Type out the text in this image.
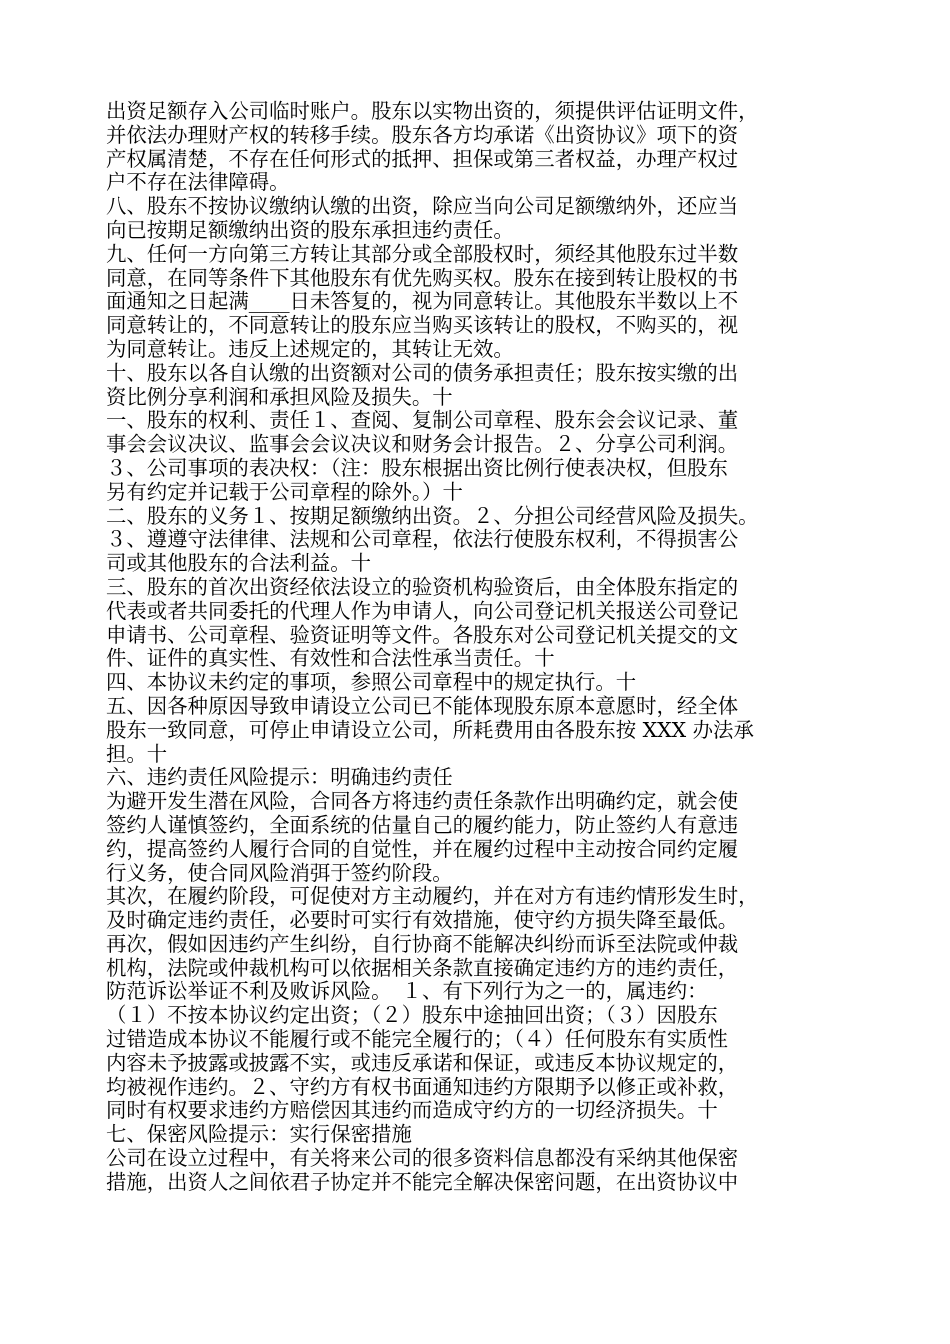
出资足额存入公司临时账户。股东以实物出资的，须提供评估证明文件，
并依法办理财产权的转移手续。股东各方均承诺《出资协议》项下的资
产权属清楚，不存在任何形式的抵押、担保或第三者权益，办理产权过
户不存在法律障碍。
八、股东不按协议缴纳认缴的出资，除应当向公司足额缴纳外，还应当
向已按期足额缴纳出资的股东承担违约责任。
九、任何一方向第三方转让其部分或全部股权时，须经其他股东过半数
同意，在同等条件下其他股东有优先购买权。股东在接到转让股权的书
面通知之日起满____日未答复的，视为同意转让。其他股东半数以上不
同意转让的，不同意转让的股东应当购买该转让的股权，不购买的，视
为同意转让。违反上述规定的，其转让无效。
十、股东以各自认缴的出资额对公司的债务承担责任；股东按实缴的出
资比例分享利润和承担风险及损失。十
一、股东的权利、责任１、查阅、复制公司章程、股东会会议记录、董
事会会议决议、监事会会议决议和财务会计报告。２、分享公司利润。
３、公司事项的表决权：（注：股东根据出资比例行使表决权，但股东
另有约定并记载于公司章程的除外。）十
二、股东的义务１、按期足额缴纳出资。２、分担公司经营风险及损失。
３、遵遵守法律律、法规和公司章程，依法行使股东权利，不得损害公
司或其他股东的合法利益。十
三、股东的首次出资经依法设立的验资机构验资后，由全体股东指定的
代表或者共同委托的代理人作为申请人，向公司登记机关报送公司登记
申请书、公司章程、验资证明等文件。各股东对公司登记机关提交的文
件、证件的真实性、有效性和合法性承当责任。十
四、本协议未约定的事项，参照公司章程中的规定执行。十
五、因各种原因导致申请设立公司已不能体现股东原本意愿时，经全体
股东一致同意，可停止申请设立公司，所耗费用由各股东按 XXX 办法承
担。十
六、违约责任风险提示：明确违约责任
为避开发生潜在风险，合同各方将违约责任条款作出明确约定，就会使
签约人谨慎签约，全面系统的估量自己的履约能力，防止签约人有意违
约，提高签约人履行合同的自觉性，并在履约过程中主动按合同约定履
行义务，使合同风险消弭于签约阶段。
其次，在履约阶段，可促使对方主动履约，并在对方有违约情形发生时，
及时确定违约责任，必要时可实行有效措施，使守约方损失降至最低。
再次，假如因违约产生纠纷，自行协商不能解决纠纷而诉至法院或仲裁
机构，法院或仲裁机构可以依据相关条款直接确定违约方的违约责任，
防范诉讼举证不利及败诉风险。　１、有下列行为之一的，属违约：
（１）不按本协议约定出资；（２）股东中途抽回出资；（３）因股东
过错造成本协议不能履行或不能完全履行的；（４）任何股东有实质性
内容未予披露或披露不实，或违反承诺和保证，或违反本协议规定的，
均被视作违约。２、守约方有权书面通知违约方限期予以修正或补救，
同时有权要求违约方赔偿因其违约而造成守约方的一切经济损失。十
七、保密风险提示：实行保密措施
公司在设立过程中，有关将来公司的很多资料信息都没有采纳其他保密
措施，出资人之间依君子协定并不能完全解决保密问题，在出资协议中
